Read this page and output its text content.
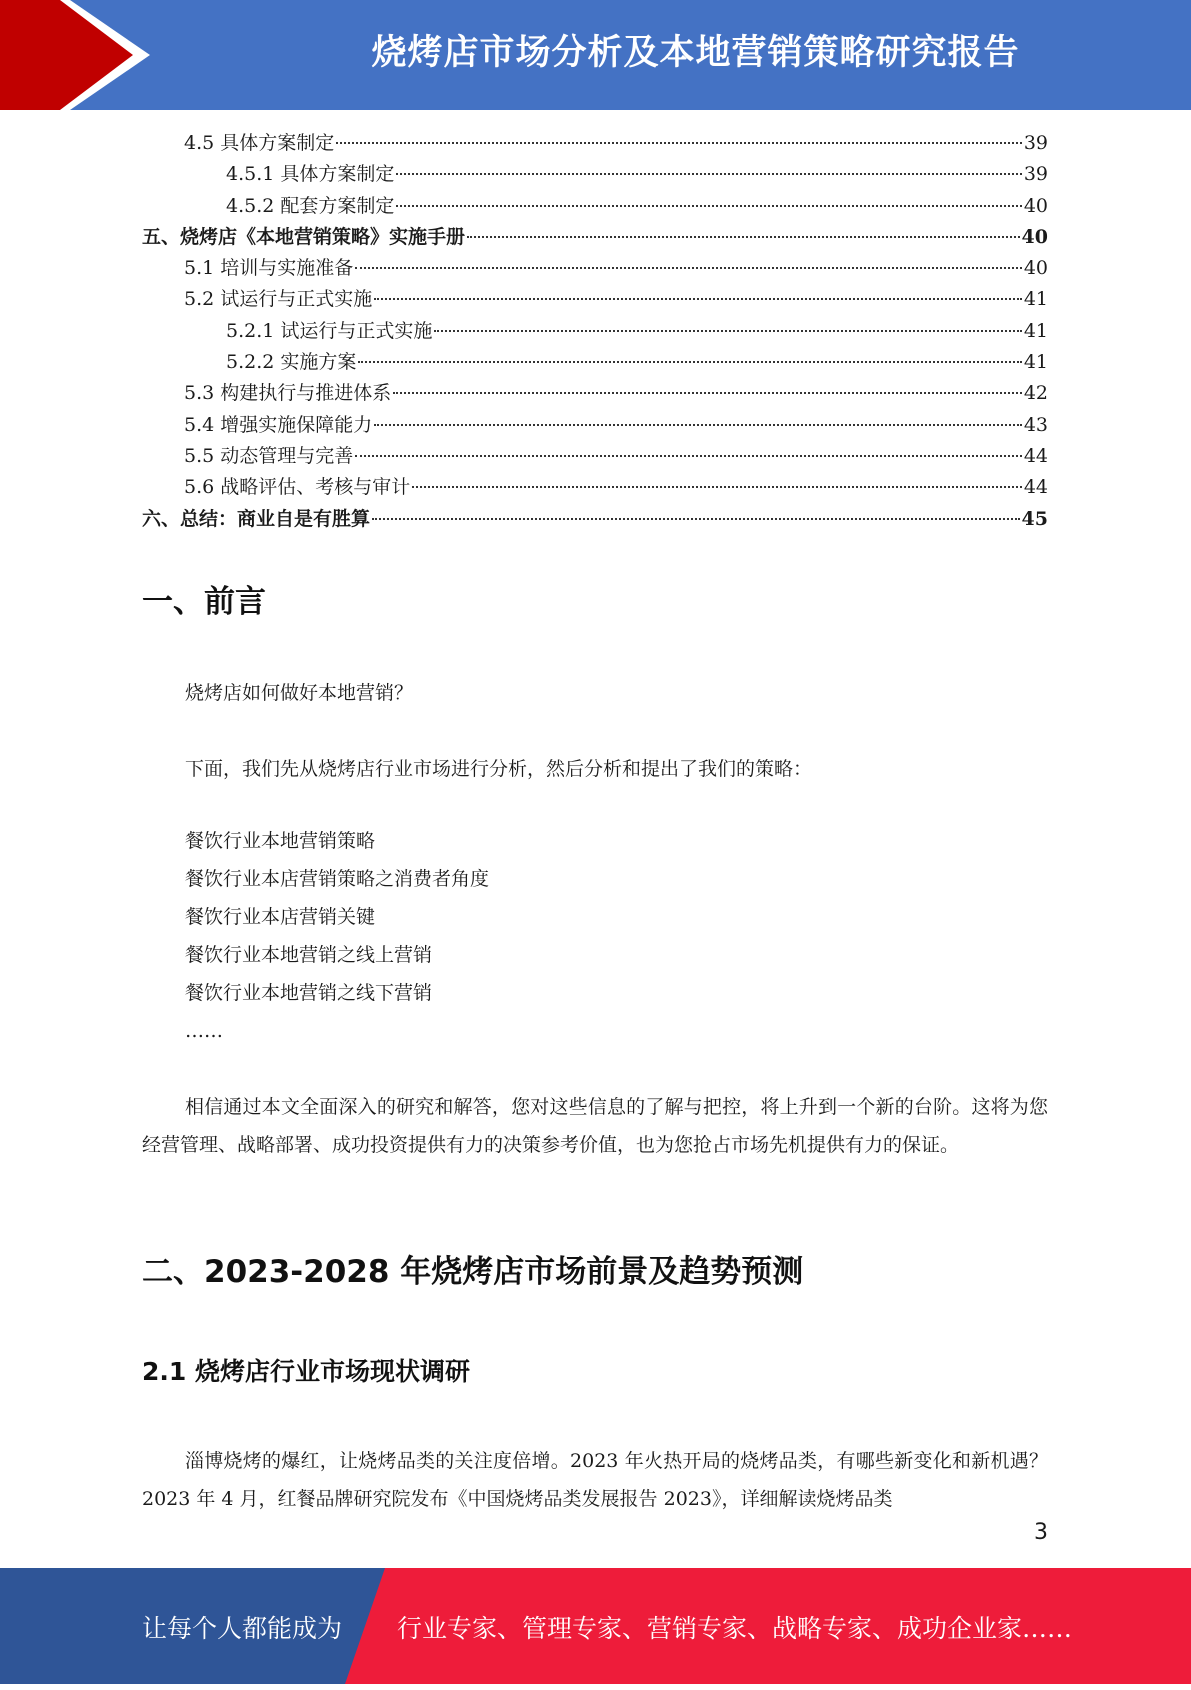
烧烤店市场分析及本地营销策略研究报告
4.5 具体方案制定	39
4.5.1 具体方案制定	39
4.5.2 配套方案制定	40
五、烧烤店《本地营销策略》实施手册	40
5.1 培训与实施准备	40
5.2 试运行与正式实施	41
5.2.1 试运行与正式实施	41
5.2.2 实施方案	41
5.3 构建执行与推进体系	42
5.4 增强实施保障能力	43
5.5 动态管理与完善	44
5.6 战略评估、考核与审计	44
六、总结：商业自是有胜算	45
一、前言
烧烤店如何做好本地营销？
下面，我们先从烧烤店行业市场进行分析，然后分析和提出了我们的策略：
餐饮行业本地营销策略
餐饮行业本店营销策略之消费者角度
餐饮行业本店营销关键
餐饮行业本地营销之线上营销
餐饮行业本地营销之线下营销
……
相信通过本文全面深入的研究和解答，您对这些信息的了解与把控，将上升到一个新的台阶。这将为您经营管理、战略部署、成功投资提供有力的决策参考价值，也为您抢占市场先机提供有力的保证。
二、2023-2028 年烧烤店市场前景及趋势预测
2.1 烧烤店行业市场现状调研
淄博烧烤的爆红，让烧烤品类的关注度倍增。2023 年火热开局的烧烤品类，有哪些新变化和新机遇？2023 年 4 月，红餐品牌研究院发布《中国烧烤品类发展报告 2023》，详细解读烧烤品类
3
让每个人都能成为 行业专家、管理专家、营销专家、战略专家、成功企业家……
